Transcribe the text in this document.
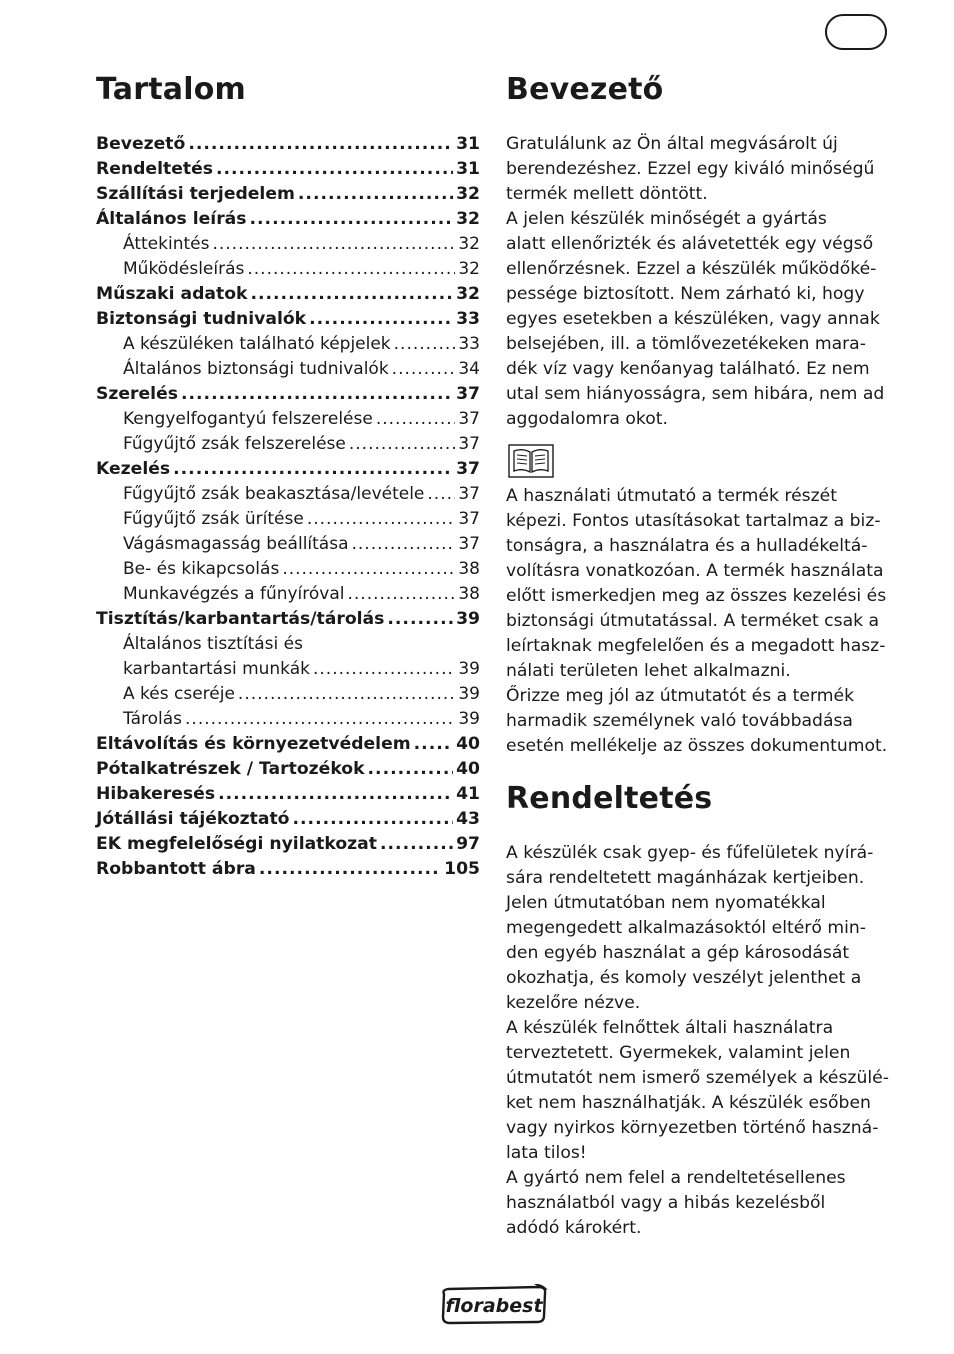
Tartalom
Bevezető .....	31
Rendeltetés .....	31
Szállítási terjedelem .....	32
Általános leírás .....	32
Áttekintés .....	32
Működésleírás .....	32
Műszaki adatok .....	32
Biztonsági tudnivalók .....	33
A készüléken található képjelek .....	33
Általános biztonsági tudnivalók .....	34
Szerelés .....	37
Kengyelfogantyú felszerelése .....	37
Fűgyűjtő zsák felszerelése .....	37
Kezelés .....	37
Fűgyűjtő zsák beakasztása/levétele ..... 37
Fűgyűjtő zsák ürítése .....	37
Vágásmagasság beállítása .....	37
Be- és kikapcsolás .....	38
Munkavégzés a fűnyíróval .....	38
Tisztítás/karbantartás/tárolás .....	39
Általános tisztítási és
karbantartási munkák .....	39
A kés cseréje .....	39
Tárolás .....	39
Eltávolítás és környezetvédelem .....	40
Pótalkatrészek / Tartozékok .....	40
Hibakeresés .....	41
Jótállási tájékoztató .....	43
EK megfelelőségi nyilatkozat .....	97
Robbantott ábra .....	105
Bevezető

Gratulálunk az Ön által megvásárolt új

berendezéshez. Ezzel egy kiváló minőségű

termék mellett döntött.

A jelen készülék minőségét a gyártás

alatt ellenőrizték és alávetették egy végső

ellenőrzésnek. Ezzel a készülék működőké-

pessége biztosított. Nem zárható ki, hogy

egyes esetekben a készüléken, vagy annak

belsejében, ill. a tömlővezetékeken mara-

dék víz vagy kenőanyag található. Ez nem

utal sem hiányosságra, sem hibára, nem ad

aggodalomra okot.

A használati útmutató a termék részét

képezi. Fontos utasításokat tartalmaz a biz-

tonságra, a használatra és a hulladékeltá-

volításra vonatkozóan. A termék használata

előtt ismerkedjen meg az összes kezelési és

biztonsági útmutatással. A terméket csak a

leírtaknak megfelelően és a megadott hasz-

nálati területen lehet alkalmazni.

Őrizze meg jól az útmutatót és a termék

harmadik személynek való továbbadása

esetén mellékelje az összes dokumentumot.

Rendeltetés

A készülék csak gyep- és fűfelületek nyírá-

sára rendeltetett magánházak kertjeiben.

Jelen útmutatóban nem nyomatékkal

megengedett alkalmazásoktól eltérő min-

den egyéb használat a gép károsodását

okozhatja, és komoly veszélyt jelenthet a

kezelőre nézve.

A készülék felnőttek általi használatra

terveztetett. Gyermekek, valamint jelen

útmutatót nem ismerő személyek a készülé-

ket nem használhatják. A készülék esőben

vagy nyirkos környezetben történő haszná-

lata tilos!

A gyártó nem felel a rendeltetésellenes

használatból vagy a hibás kezelésből

adódó károkért.

florabest
